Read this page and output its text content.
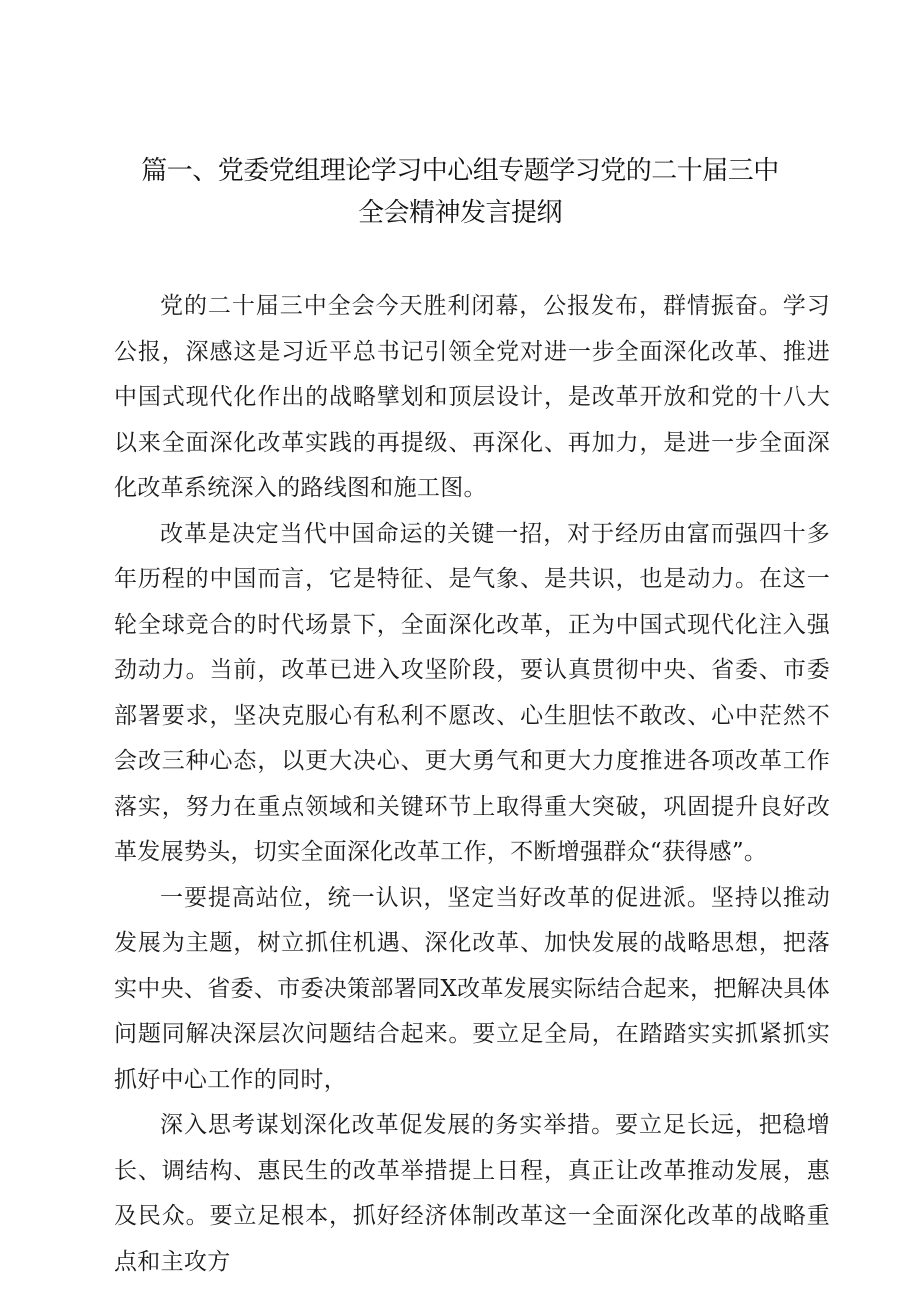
篇一、党委党组理论学习中心组专题学习党的二十届三中
全会精神发言提纲

党的二十届三中全会今天胜利闭幕，公报发布，群情振奋。学习公报，深感这是习近平总书记引领全党对进一步全面深化改革、推进中国式现代化作出的战略擘划和顶层设计，是改革开放和党的十八大以来全面深化改革实践的再提级、再深化、再加力，是进一步全面深化改革系统深入的路线图和施工图。

改革是决定当代中国命运的关键一招，对于经历由富而强四十多年历程的中国而言，它是特征、是气象、是共识，也是动力。在这一轮全球竞合的时代场景下，全面深化改革，正为中国式现代化注入强劲动力。当前，改革已进入攻坚阶段，要认真贯彻中央、省委、市委部署要求，坚决克服心有私利不愿改、心生胆怯不敢改、心中茫然不会改三种心态，以更大决心、更大勇气和更大力度推进各项改革工作落实，努力在重点领域和关键环节上取得重大突破，巩固提升良好改革发展势头，切实全面深化改革工作，不断增强群众“获得感”。

一要提高站位，统一认识，坚定当好改革的促进派。坚持以推动发展为主题，树立抓住机遇、深化改革、加快发展的战略思想，把落实中央、省委、市委决策部署同X改革发展实际结合起来，把解决具体问题同解决深层次问题结合起来。要立足全局，在踏踏实实抓紧抓实抓好中心工作的同时，

深入思考谋划深化改革促发展的务实举措。要立足长远，把稳增长、调结构、惠民生的改革举措提上日程，真正让改革推动发展，惠及民众。要立足根本，抓好经济体制改革这一全面深化改革的战略重点和主攻方
